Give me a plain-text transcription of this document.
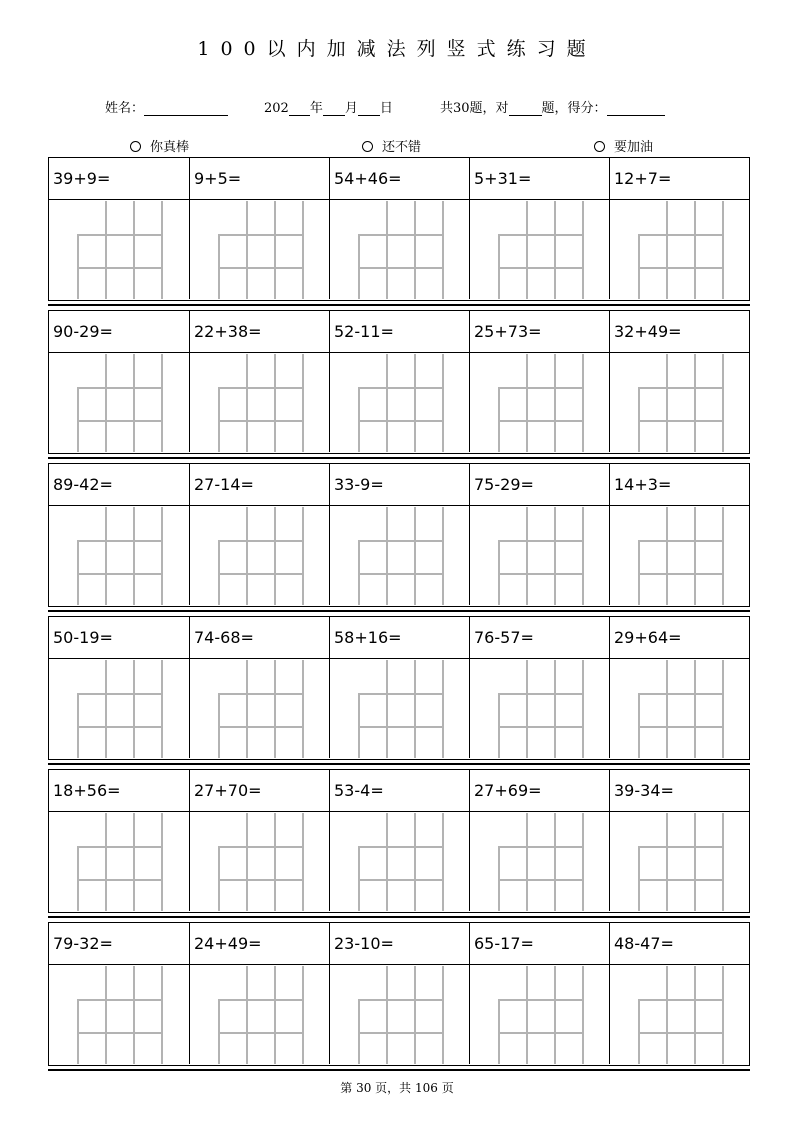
100以内加减法列竖式练习题
姓名：	202 年 月 日	共30题，对	题，得分：
你真棒	还不错	要加油
39+9=	9+5=	54+46=	5+31=	12+7=
90-29=	22+38=	52-11=	25+73=	32+49=
89-42=	27-14=	33-9=	75-29=	14+3=
50-19=	74-68=	58+16=	76-57=	29+64=
18+56=	27+70=	53-4=	27+69=	39-34=
79-32=	24+49=	23-10=	65-17=	48-47=
第 30 页，共 106 页
